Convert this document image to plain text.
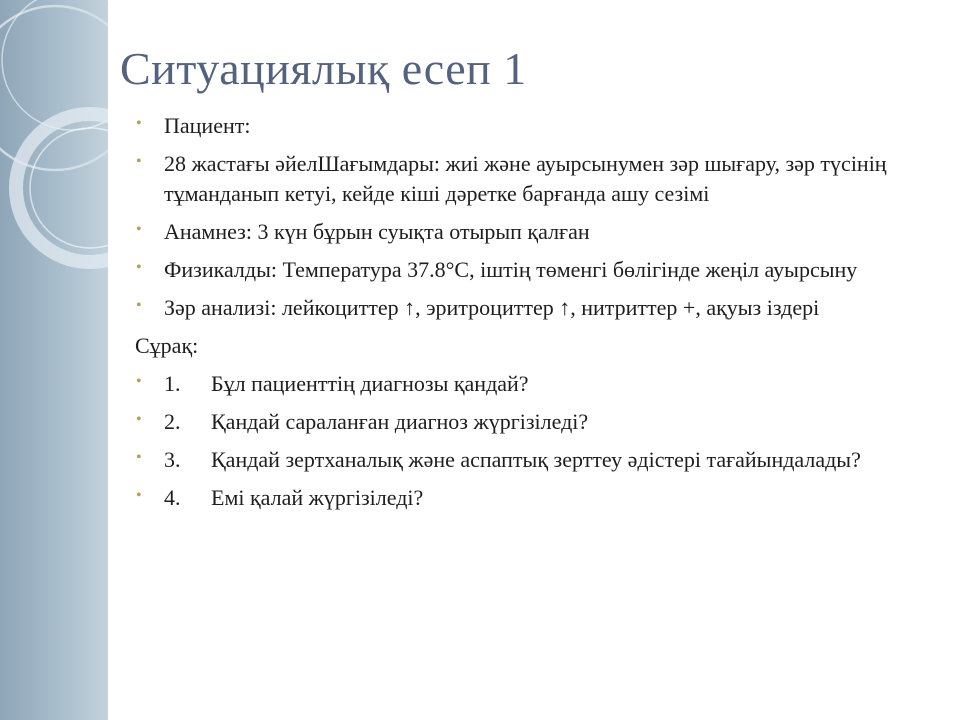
Ситуациялық есеп 1
• Пациент:
• 28 жастағы әйелШағымдары: жиі және ауырсынумен зәр шығару, зәр түсінің тұманданып кетуі, кейде кіші дәретке барғанда ашу сезімі
• Анамнез: 3 күн бұрын суықта отырып қалған
• Физикалды: Температура 37.8°C, іштің төменгі бөлігінде жеңіл ауырсыну
• Зәр анализі: лейкоциттер ↑, эритроциттер ↑, нитриттер +, ақуыз іздері
Сұрақ:
• 1. Бұл пациенттің диагнозы қандай?
• 2. Қандай сараланған диагноз жүргізіледі?
• 3. Қандай зертханалық және аспаптық зерттеу әдістері тағайындалады?
• 4. Емі қалай жүргізіледі?
